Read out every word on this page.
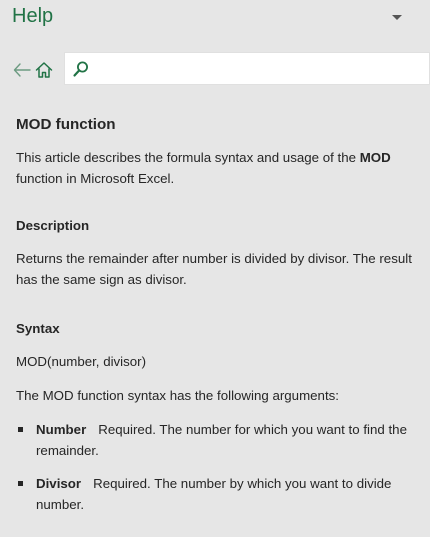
Help
MOD function

This article describes the formula syntax and usage of the MOD function in Microsoft Excel.

Description

Returns the remainder after number is divided by divisor. The result has the same sign as divisor.

Syntax

MOD(number, divisor)

The MOD function syntax has the following arguments:

Number Required. The number for which you want to find the remainder.
Divisor Required. The number by which you want to divide number.
